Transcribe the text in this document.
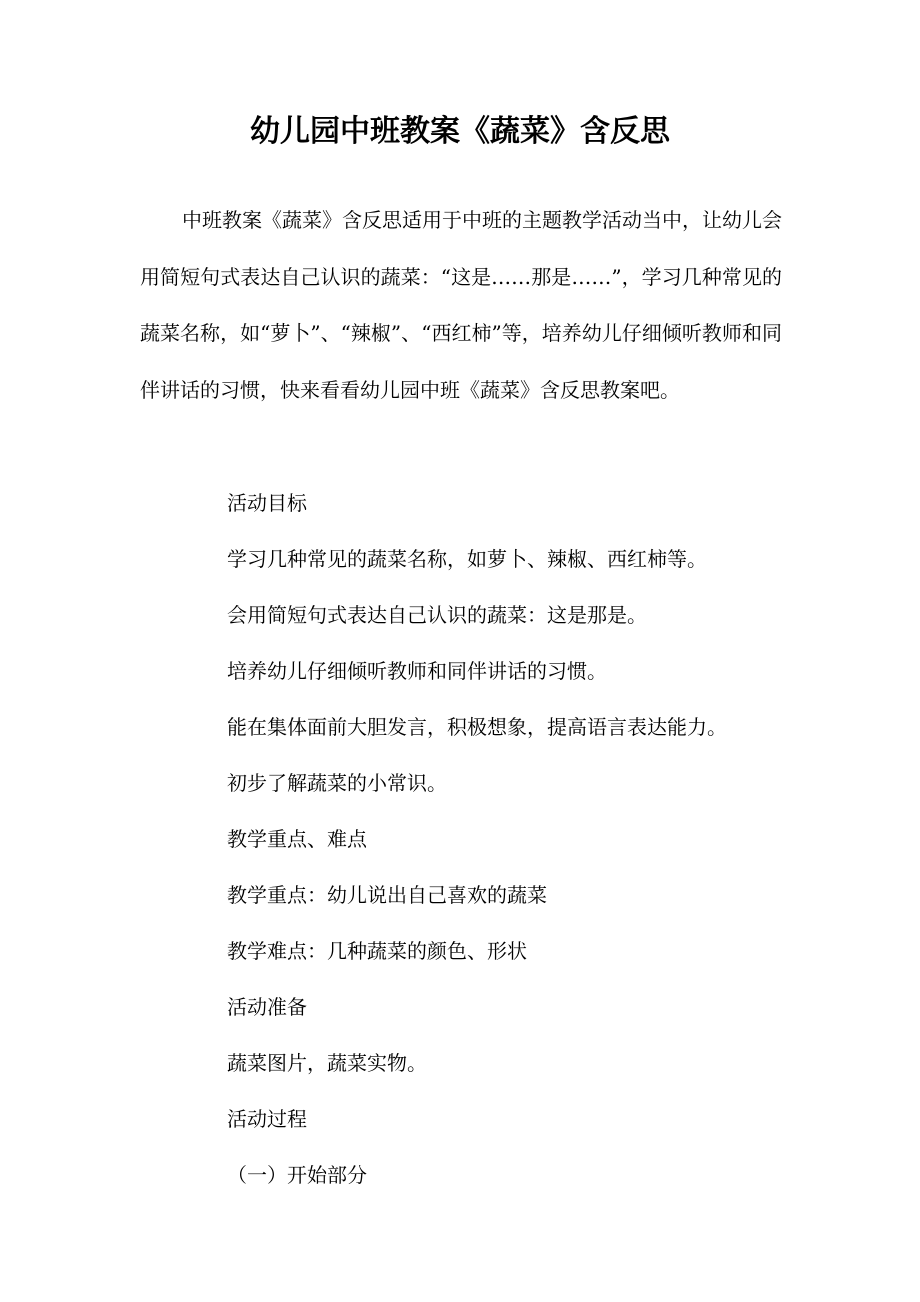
幼儿园中班教案《蔬菜》含反思

中班教案《蔬菜》含反思适用于中班的主题教学活动当中，让幼儿会用简短句式表达自己认识的蔬菜：“这是……那是……”，学习几种常见的蔬菜名称，如“萝卜”、“辣椒”、“西红柿”等，培养幼儿仔细倾听教师和同伴讲话的习惯，快来看看幼儿园中班《蔬菜》含反思教案吧。

活动目标
学习几种常见的蔬菜名称，如萝卜、辣椒、西红柿等。
会用简短句式表达自己认识的蔬菜：这是那是。
培养幼儿仔细倾听教师和同伴讲话的习惯。
能在集体面前大胆发言，积极想象，提高语言表达能力。
初步了解蔬菜的小常识。
教学重点、难点
教学重点：幼儿说出自己喜欢的蔬菜
教学难点：几种蔬菜的颜色、形状
活动准备
蔬菜图片，蔬菜实物。
活动过程
（一）开始部分
